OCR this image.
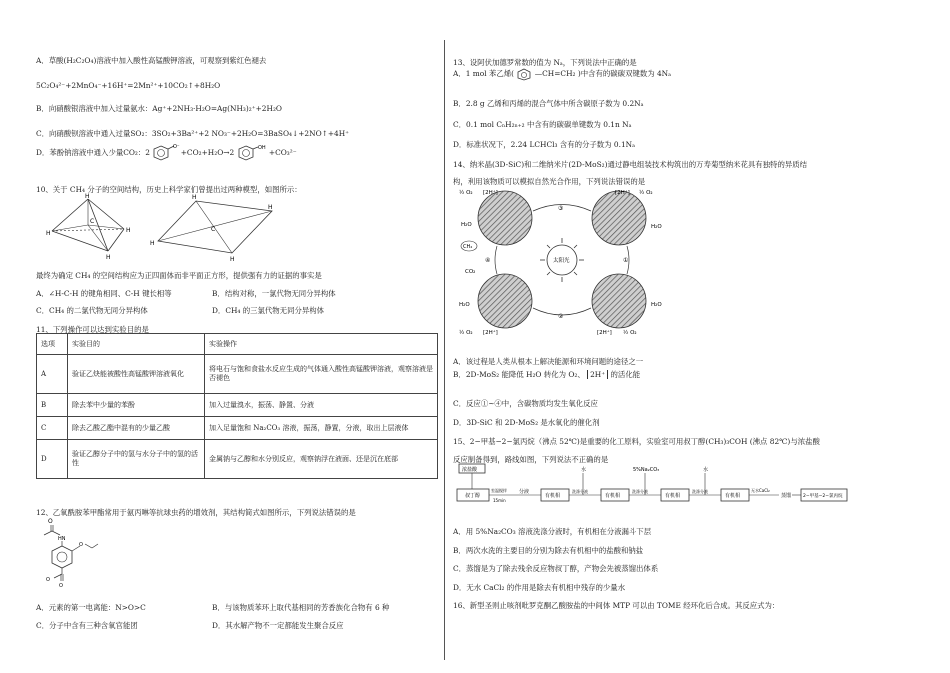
A．草酸(H₂C₂O₄)溶液中加入酸性高锰酸钾溶液，可观察到紫红色褪去

5C₂O₄²⁻+2MnO₄⁻+16H⁺=2Mn²⁺+10CO₂↑+8H₂O

B．向硝酸银溶液中加入过量氨水：Ag⁺+2NH₃·H₂O=Ag(NH₃)₂⁺+2H₂O

C．向硝酸钡溶液中通入过量SO₂：3SO₂+3Ba²⁺+2 NO₃⁻+2H₂O=3BaSO₄↓+2NO↑+4H⁺

D．苯酚钠溶液中通入少量CO₂：2
O⁻
+CO₂+H₂O→2	OH +CO₃²⁻

10、关于 CH₄ 分子的空间结构，历史上科学家们曾提出过两种模型，如图所示：

C
H
H
H
H	C
H
H
H
H

最终为确定 CH₄ 的空间结构应为正四面体而非平面正方形，提供强有力的证据的事实是

A．∠H-C-H 的键角相同、C-H 键长相等	B．结构对称，一氯代物无同分异构体

C．CH₄ 的二氯代物无同分异构体	D．CH₄ 的三氯代物无同分异构体

11、下列操作可以达到实验目的是

选项	实验目的	实验操作
A	验证乙炔能被酸性高锰酸钾溶液氧化	将电石与饱和食盐水反应生成的气体通入酸性高锰酸钾溶液，观察溶液是否褪色
B	除去苯中少量的苯酚	加入过量溴水，振荡、静置、分液
C	除去乙酸乙酯中混有的少量乙酸	加入足量饱和 Na₂CO₃ 溶液，振荡，静置，分液，取出上层液体
D	验证乙醇分子中的氢与水分子中的氢的活性	金属钠与乙醇和水分别反应，观察钠浮在液面、还是沉在底部

12、乙氧酰胺苯甲酯常用于氨丙啉等抗球虫药的增效剂，其结构简式如图所示，下列说法错误的是

O
HN
O
O
O

A．元素的第一电离能：N>O>C	B．与该物质苯环上取代基相同的芳香族化合物有 6 种

C．分子中含有三种含氧官能团	D．其水解产物不一定都能发生聚合反应

13、设阿伏加德罗常数的值为 Nₐ，下列说法中正确的是

A．1 mol 苯乙烯(	—CH=CH₂ )中含有的碳碳双键数为 4Nₐ

B．2.8 g 乙烯和丙烯的混合气体中所含碳原子数为 0.2Nₐ

C．0.1 mol CₙH₂ₙ₊₂ 中含有的碳碳单键数为 0.1n Nₐ

D．标准状况下，2.24 LCHCl₃ 含有的分子数为 0.1Nₐ

14、纳米晶(3D-SiC)和二维纳米片(2D-MoS₂)通过静电组装技术构筑出的万寿菊型纳米花具有独特的异质结

构，利用该物质可以模拟自然光合作用，下列说法错误的是

太阳光
③
②
①
④
½ O₂ [2H⁺]
H₂O
CH₄
CO₂
H₂O
½ O₂ [2H⁺]
[2H⁺] ½ O₂
H₂O
H₂O
[2H⁺] ½ O₂

A．该过程是人类从根本上解决能源和环境问题的途径之一

B．2D-MoS₂ 能降低 H₂O 转化为 O₂、 2H⁺ 的活化能

C．反应①~④中，含碳物质均发生氧化反应

D．3D-SiC 和 2D-MoS₂ 是水氧化的催化剂

15、2−甲基−2−氯丙烷（沸点 52℃)是重要的化工原料，实验室可用叔丁醇(CH₃)₃COH (沸点 82℃)与浓盐酸

反应制备得到，路线如图，下列说法不正确的是

浓盐酸
叔丁醇
室温搅拌
15min
分液
有机相
水
洗涤分液
有机相
5%Na₂CO₃
洗涤分液
有机相
水
洗涤分液
有机相
无水CaCl₂
蒸馏	2−甲基−2−氯丙烷

A．用 5%Na₂CO₃ 溶液洗涤分液时，有机相在分液漏斗下层

B．两次水洗的主要目的分别为除去有机相中的盐酸和钠盐

C．蒸馏是为了除去残余反应物叔丁醇，产物会先被蒸馏出体系

D．无水 CaCl₂ 的作用是除去有机相中残存的少量水

16、新型圣则止咳剂吡罗克酮乙酸胺盐的中间体 MTP 可以由 TOME 经环化后合成。其反应式为：
